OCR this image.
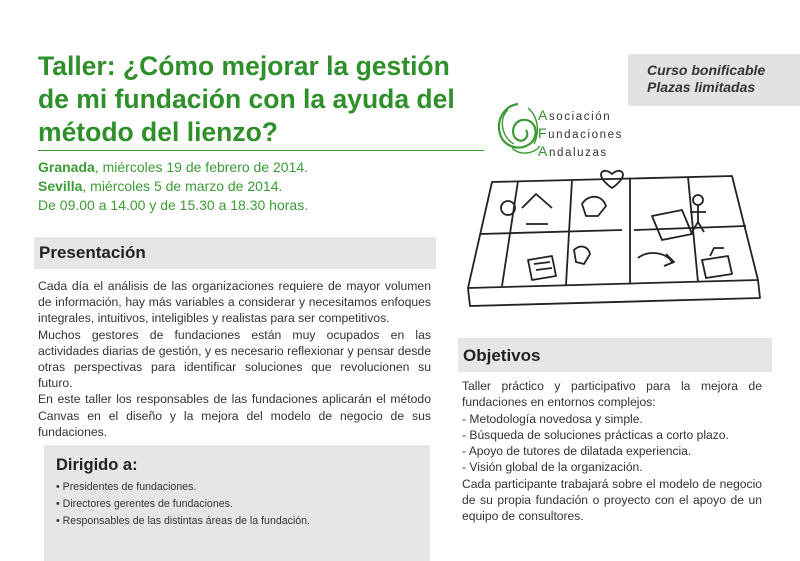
Taller: ¿Cómo mejorar la gestión
de mi fundación con la ayuda del
método del lienzo?
Granada, miércoles 19 de febrero de 2014.
Sevilla, miércoles 5 de marzo de 2014.
De 09.00 a 14.00 y de 15.30 a 18.30 horas.
Curso bonificable
Plazas limitadas
Asociación
Fundaciones
Andaluzas
Presentación

Cada día el análisis de las organizaciones requiere de mayor volumen de información, hay más variables a considerar y necesitamos enfoques integrales, intuitivos, inteligibles y realistas para ser competitivos.

Muchos gestores de fundaciones están muy ocupados en las actividades diarias de gestión, y es necesario reflexionar y pensar desde otras perspectivas para identificar soluciones que revolucionen su futuro.

En este taller los responsables de las fundaciones aplicarán el método Canvas en el diseño y la mejora del modelo de negocio de sus fundaciones.

Dirigido a:
• Presidentes de fundaciones.
• Directores gerentes de fundaciones.
• Responsables de las distintas áreas de la fundación.
Objetivos

Taller práctico y participativo para la mejora de fundaciones en entornos complejos:

- Metodología novedosa y simple.
- Búsqueda de soluciones prácticas a corto plazo.
- Apoyo de tutores de dilatada experiencia.
- Visión global de la organización.

Cada participante trabajará sobre el modelo de negocio de su propia fundación o proyecto con el apoyo de un equipo de consultores.
